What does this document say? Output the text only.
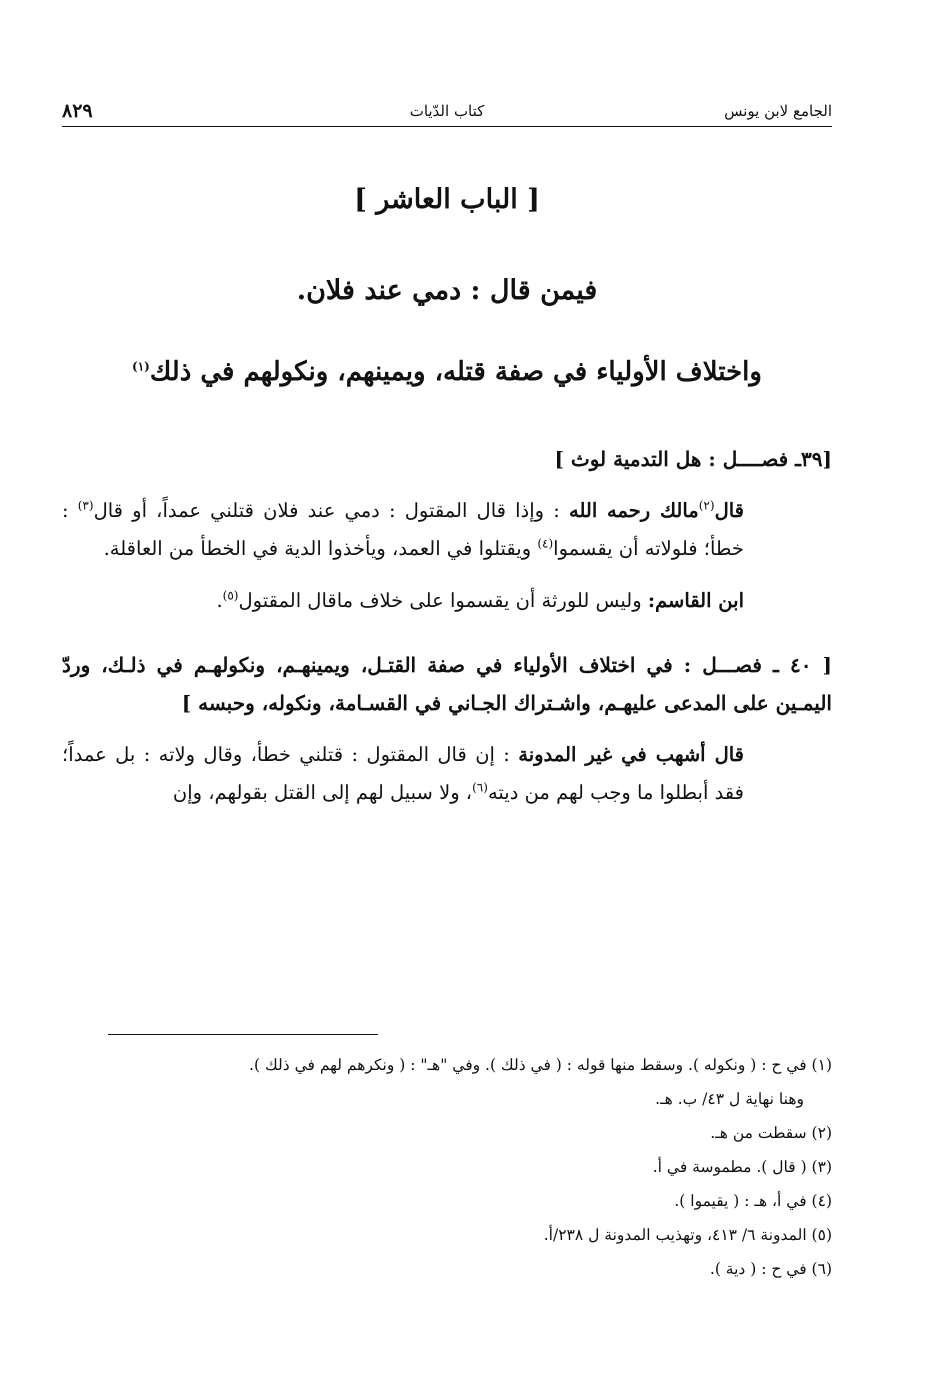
الجامع لابن يونس
كتاب الدّيات
٨٢٩
[ الباب العاشر ]
فيمن قال : دمي عند فلان.
واختلاف الأولياء في صفة قتله، ويمينهم، ونكولهم في ذلك$^{(١)}$

[٣٩ـ فصــــل : هل التدمية لوث ]

قال$^{(٢)}$مالك رحمه الله : وإذا قال المقتول : دمي عند فلان قتلني عمداً، أو قال$^{(٣)}$ : خطأ؛ فلولاته أن يقسموا$^{(٤)}$ ويقتلوا في العمد، ويأخذوا الدية في الخطأ من العاقلة.

ابن القاسم: وليس للورثة أن يقسموا على خلاف ماقال المقتول$^{(٥)}$.

[ ٤٠ ـ فصـــل : في اختلاف الأولياء في صفة القتـل، ويمينهـم، ونكولهـم في ذلـك، وردّ اليمـين على المدعى عليهـم، واشـتراك الجـاني في القسـامة، ونكوله، وحبسه ]

قال أشهب في غير المدونة : إن قال المقتول : قتلني خطأ، وقال ولاته : بل عمداً؛ فقد أبطلوا ما وجب لهم من ديته$^{(٦)}$، ولا سبيل لهم إلى القتل بقولهم، وإن

(١) في ح : ( ونكوله ). وسقط منها قوله : ( في ذلك ). وفي "هـ" : ( ونكرهم لهم في ذلك ).

وهنا نهاية ل ٤٣/ ب. هـ.

(٢) سقطت من هـ.

(٣) ( قال ). مطموسة في أ.

(٤) في أ، هـ : ( يقيموا ).

(٥) المدونة ٦/ ٤١٣، وتهذيب المدونة ل ٢٣٨/أ.

(٦) في ح : ( دية ).
